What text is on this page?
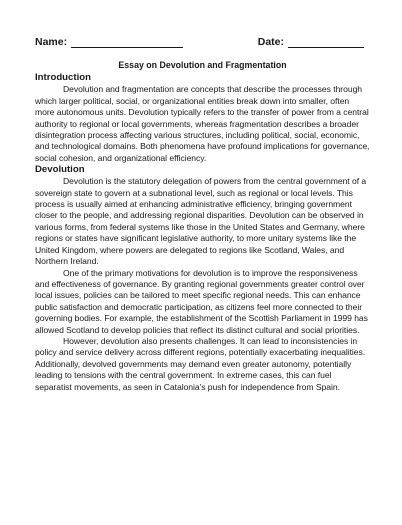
Name:	Date:
Essay on Devolution and Fragmentation
Introduction

Devolution and fragmentation are concepts that describe the processes through which larger political, social, or organizational entities break down into smaller, often more autonomous units. Devolution typically refers to the transfer of power from a central authority to regional or local governments, whereas fragmentation describes a broader disintegration process affecting various structures, including political, social, economic, and technological domains. Both phenomena have profound implications for governance, social cohesion, and organizational efficiency.

Devolution

Devolution is the statutory delegation of powers from the central government of a sovereign state to govern at a subnational level, such as regional or local levels. This process is usually aimed at enhancing administrative efficiency, bringing government closer to the people, and addressing regional disparities. Devolution can be observed in various forms, from federal systems like those in the United States and Germany, where regions or states have significant legislative authority, to more unitary systems like the United Kingdom, where powers are delegated to regions like Scotland, Wales, and Northern Ireland.

One of the primary motivations for devolution is to improve the responsiveness and effectiveness of governance. By granting regional governments greater control over local issues, policies can be tailored to meet specific regional needs. This can enhance public satisfaction and democratic participation, as citizens feel more connected to their governing bodies. For example, the establishment of the Scottish Parliament in 1999 has allowed Scotland to develop policies that reflect its distinct cultural and social priorities.

However, devolution also presents challenges. It can lead to inconsistencies in policy and service delivery across different regions, potentially exacerbating inequalities. Additionally, devolved governments may demand even greater autonomy, potentially leading to tensions with the central government. In extreme cases, this can fuel separatist movements, as seen in Catalonia's push for independence from Spain.
